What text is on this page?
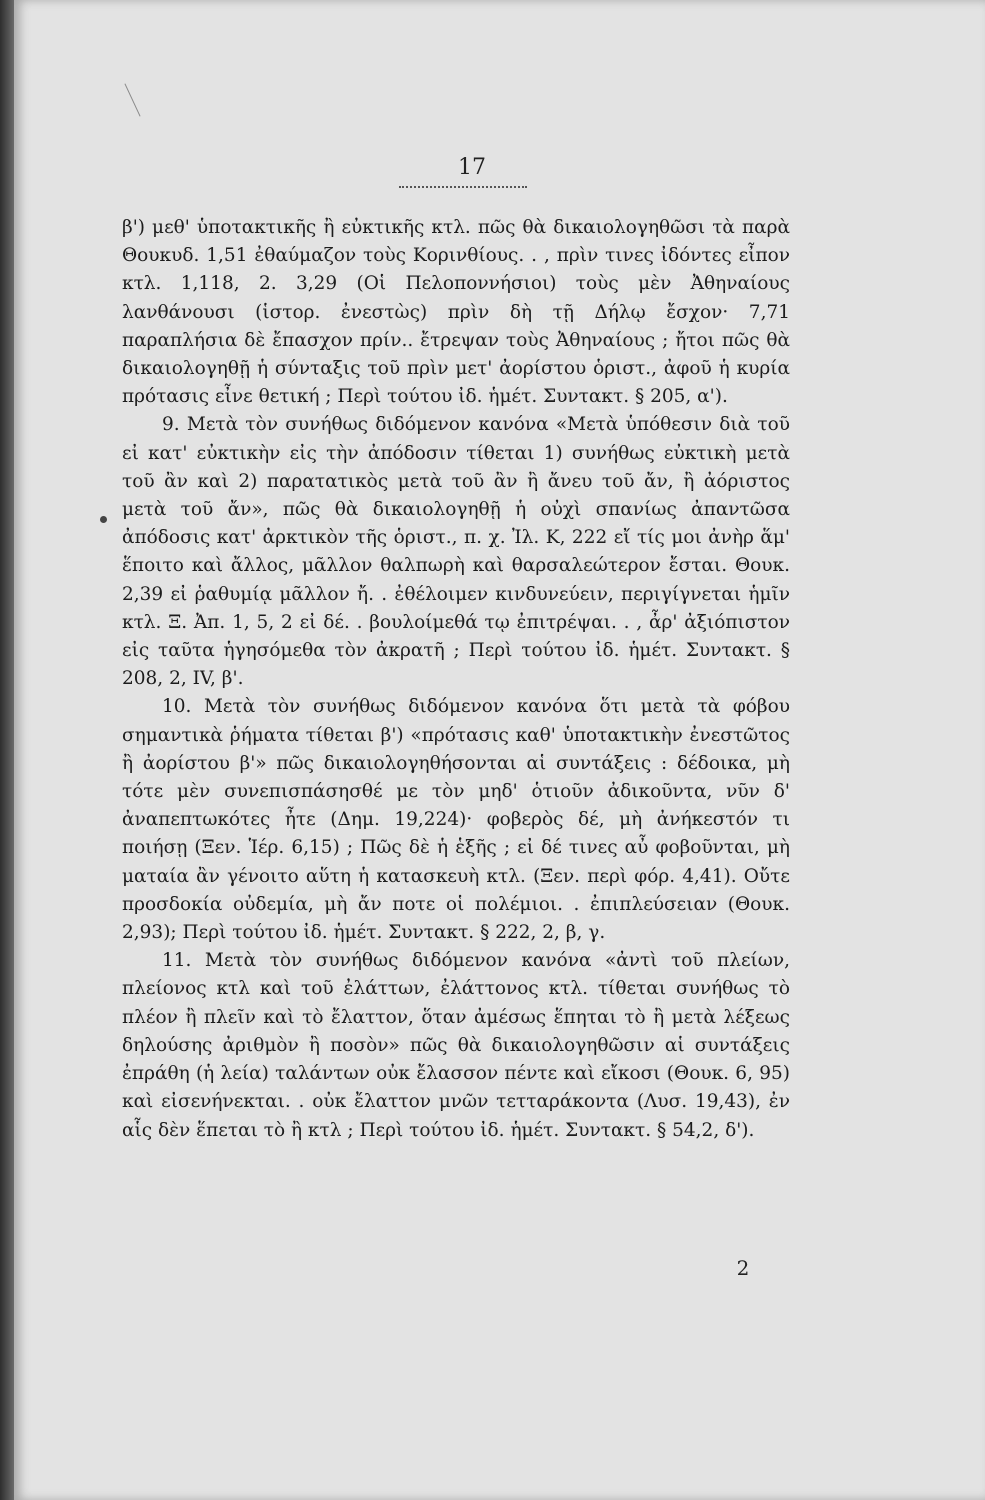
17

β') μεθ' ὑποτακτικῆς ἢ εὐκτικῆς κτλ. πῶς θὰ δικαιολογηθῶσι τὰ παρὰ Θουκυδ. 1,51 ἐθαύμαζον τοὺς Κορινθίους. . , πρὶν τινες ἰδόντες εἶπον κτλ. 1,118, 2. 3,29 (Οἱ Πελοποννήσιοι) τοὺς μὲν Ἀθηναίους λανθάνουσι (ἱστορ. ἐνεστὼς) πρὶν δὴ τῇ Δήλῳ ἔσχον· 7,71 παραπλήσια δὲ ἔπασχον πρίν.. ἔτρεψαν τοὺς Ἀθηναίους ; ἤτοι πῶς θὰ δικαιολογηθῇ ἡ σύνταξις τοῦ πρὶν μετ' ἀορίστου ὁριστ., ἀφοῦ ἡ κυρία πρότασις εἶνε θετική ; Περὶ τούτου ἰδ. ἡμέτ. Συντακτ. § 205, α').

9. Μετὰ τὸν συνήθως διδόμενον κανόνα «Μετὰ ὑπόθεσιν διὰ τοῦ εἰ κατ' εὐκτικὴν εἰς τὴν ἀπόδοσιν τίθεται 1) συνήθως εὐκτικὴ μετὰ τοῦ ἂν καὶ 2) παρατατικὸς μετὰ τοῦ ἂν ἢ ἄνευ τοῦ ἄν, ἢ ἀόριστος μετὰ τοῦ ἄν», πῶς θὰ δικαιολογηθῇ ἡ οὐχὶ σπανίως ἀπαντῶσα ἀπόδοσις κατ' ἀρκτικὸν τῆς ὁριστ., π. χ. Ἰλ. Κ, 222 εἴ τίς μοι ἀνὴρ ἅμ' ἕποιτο καὶ ἄλλος, μᾶλλον θαλπωρὴ καὶ θαρσαλεώτερον ἔσται. Θουκ. 2,39 εἰ ῥαθυμίᾳ μᾶλλον ἤ. . ἐθέλοιμεν κινδυνεύειν, περιγίγνεται ἡμῖν κτλ. Ξ. Ἀπ. 1, 5, 2 εἰ δέ. . βουλοίμεθά τῳ ἐπιτρέψαι. . , ἆρ' ἀξιόπιστον εἰς ταῦτα ἡγησόμεθα τὸν ἀκρατῆ ; Περὶ τούτου ἰδ. ἡμέτ. Συντακτ. § 208, 2, IV, β'.

10. Μετὰ τὸν συνήθως διδόμενον κανόνα ὅτι μετὰ τὰ φόβου σημαντικὰ ῥήματα τίθεται β') «πρότασις καθ' ὑποτακτικὴν ἐνεστῶτος ἢ ἀορίστου β'» πῶς δικαιολογηθήσονται αἱ συντάξεις : δέδοικα, μὴ τότε μὲν συνεπισπάσησθέ με τὸν μηδ' ὁτιοῦν ἀδικοῦντα, νῦν δ' ἀναπεπτωκότες ἦτε (Δημ. 19,224)· φοβερὸς δέ, μὴ ἀνήκεστόν τι ποιήσῃ (Ξεν. Ἱέρ. 6,15) ; Πῶς δὲ ἡ ἑξῆς ; εἰ δέ τινες αὖ φοβοῦνται, μὴ ματαία ἂν γένοιτο αὕτη ἡ κατασκευὴ κτλ. (Ξεν. περὶ φόρ. 4,41). Οὔτε προσδοκία οὐδεμία, μὴ ἄν ποτε οἱ πολέμιοι. . ἐπιπλεύσειαν (Θουκ. 2,93); Περὶ τούτου ἰδ. ἡμέτ. Συντακτ. § 222, 2, β, γ.

11. Μετὰ τὸν συνήθως διδόμενον κανόνα «ἀντὶ τοῦ πλείων, πλείονος κτλ καὶ τοῦ ἐλάττων, ἐλάττονος κτλ. τίθεται συνήθως τὸ πλέον ἢ πλεῖν καὶ τὸ ἔλαττον, ὅταν ἀμέσως ἕπηται τὸ ἢ μετὰ λέξεως δηλούσης ἀριθμὸν ἢ ποσὸν» πῶς θὰ δικαιολογηθῶσιν αἱ συντάξεις ἐπράθη (ἡ λεία) ταλάντων οὐκ ἔλασσον πέντε καὶ εἴκοσι (Θουκ. 6, 95) καὶ εἰσενήνεκται. . οὐκ ἔλαττον μνῶν τετταράκοντα (Λυσ. 19,43), ἐν αἷς δὲν ἕπεται τὸ ἢ κτλ ; Περὶ τούτου ἰδ. ἡμέτ. Συντακτ. § 54,2, δ').

2
